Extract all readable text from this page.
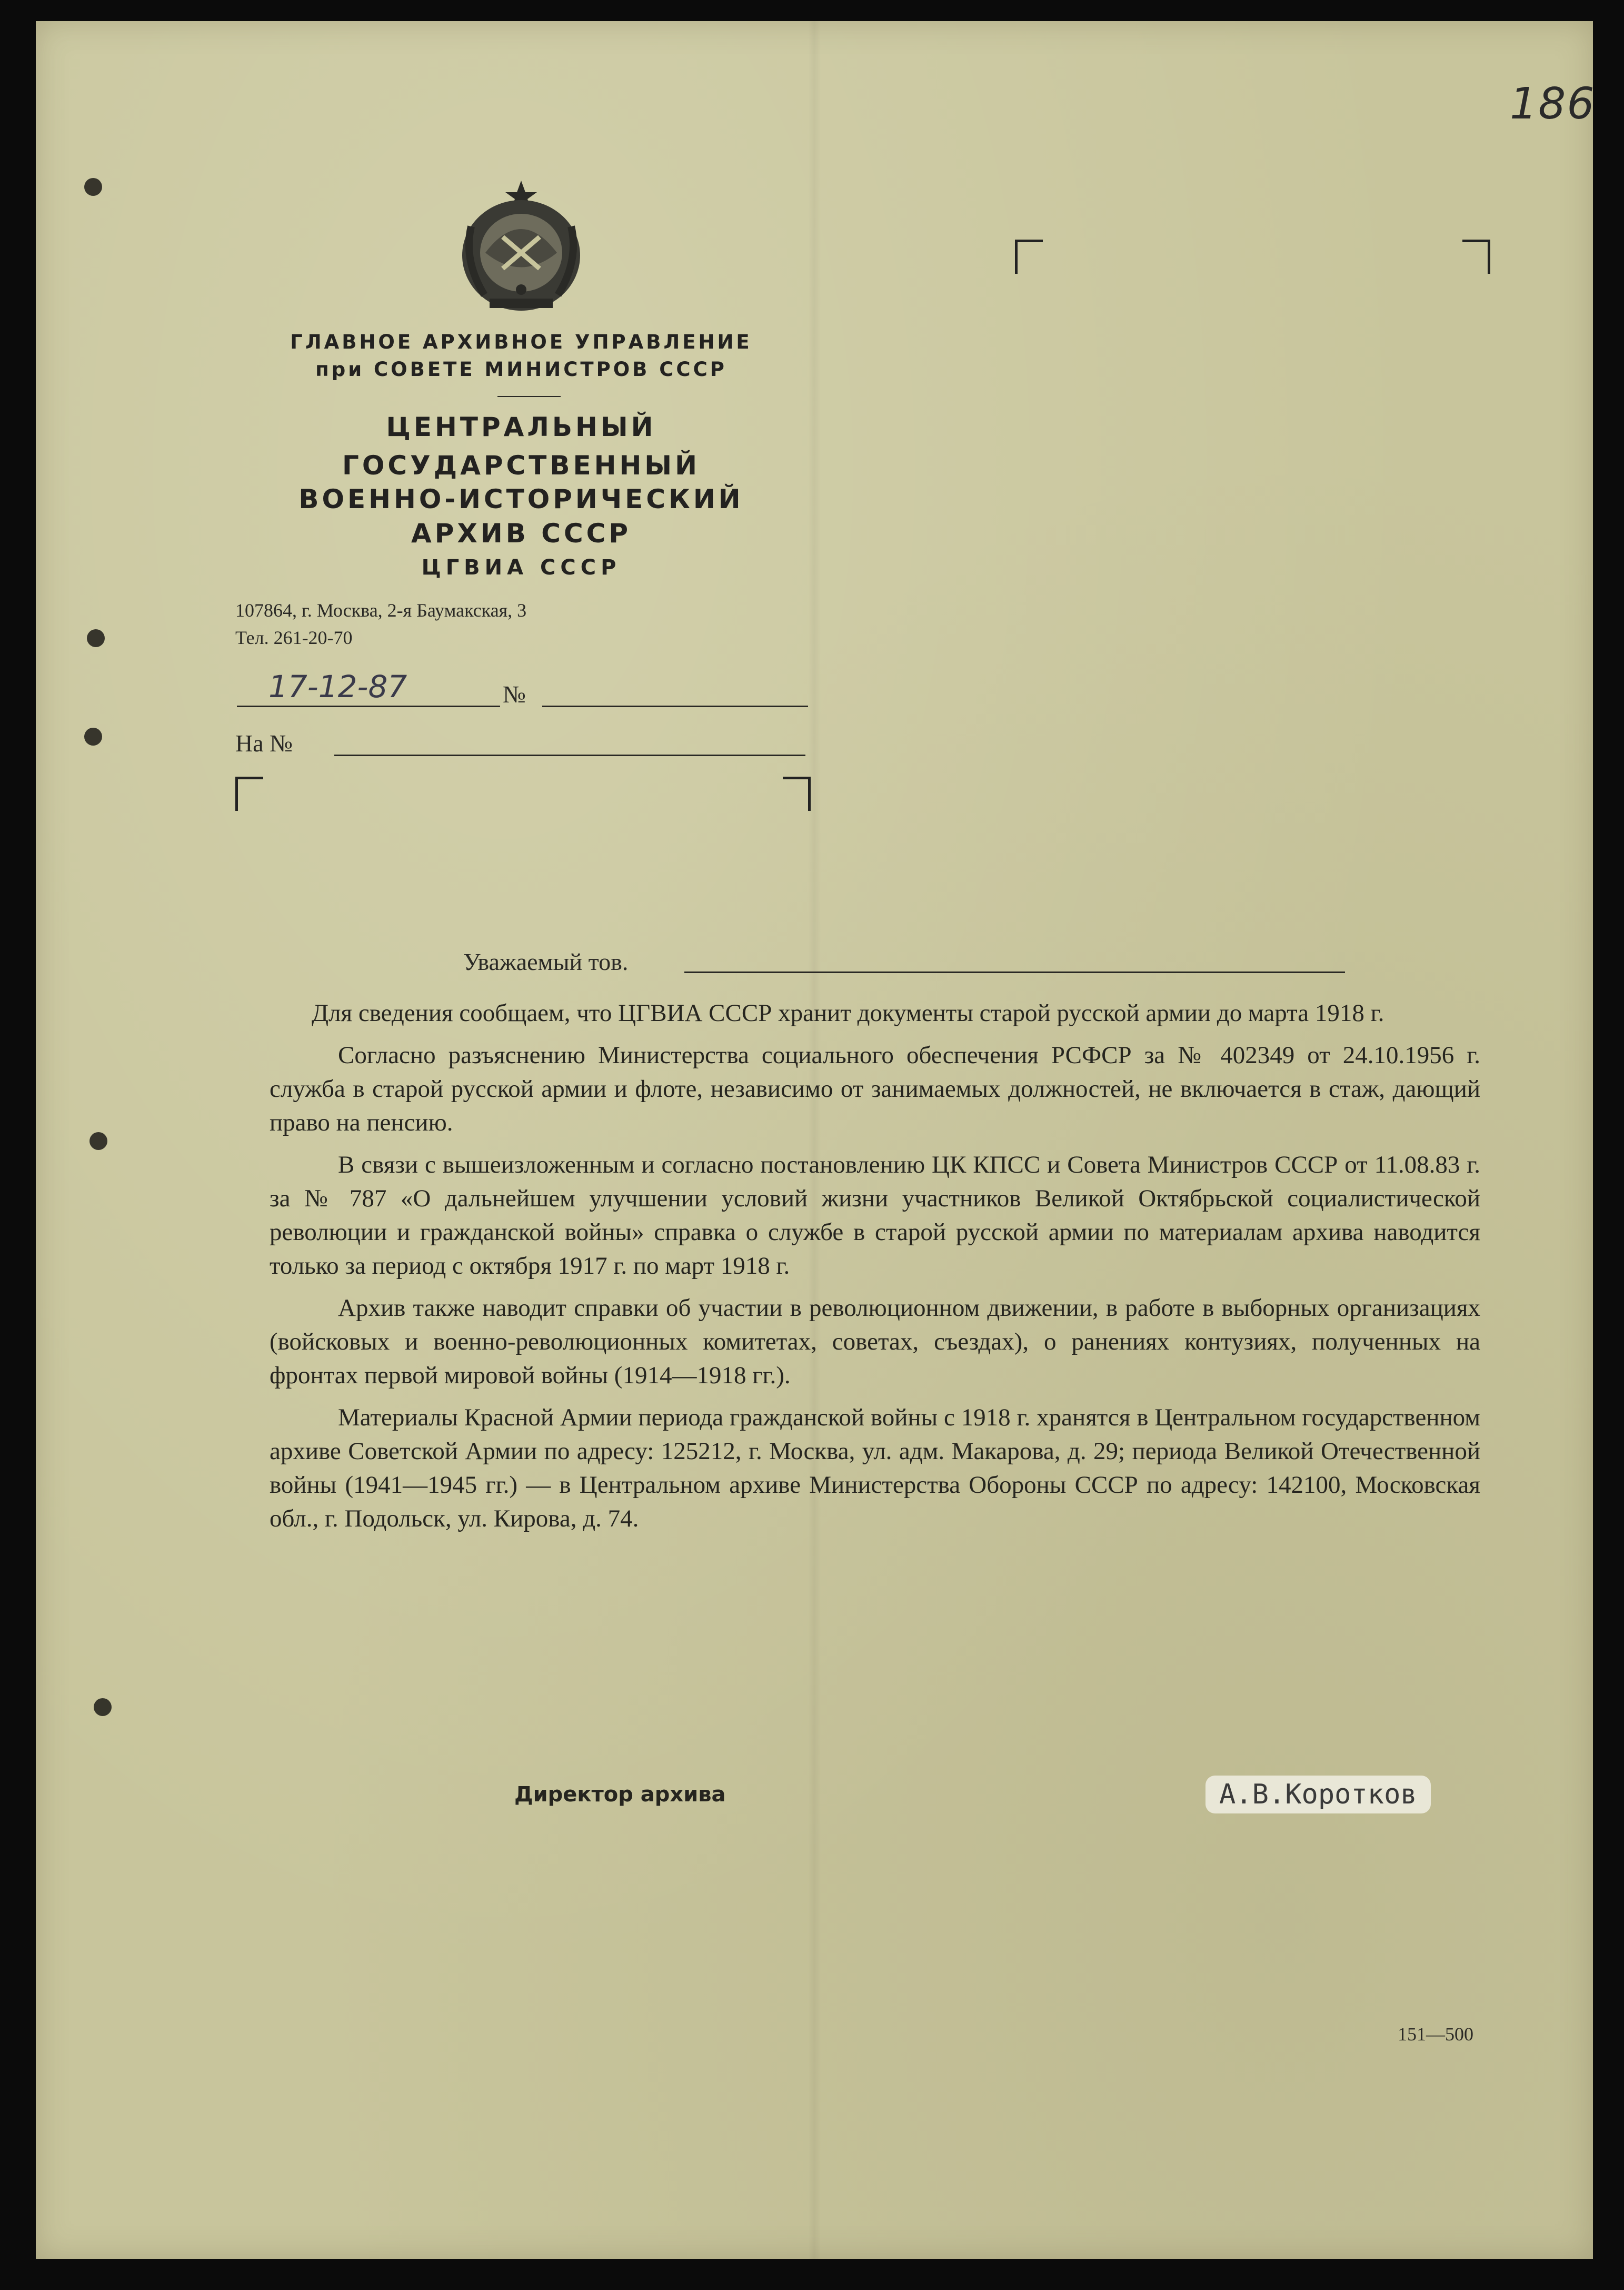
186
ГЛАВНОЕ АРХИВНОЕ УПРАВЛЕНИЕ
при СОВЕТЕ МИНИСТРОВ СССР
ЦЕНТРАЛЬНЫЙ
ГОСУДАРСТВЕННЫЙ
ВОЕННО-ИСТОРИЧЕСКИЙ
АРХИВ СССР
ЦГВИА СССР
107864, г. Москва, 2-я Баумакская, 3
Тел. 261-20-70
17-12-87	№
На №
Уважаемый тов.

Для сведения сообщаем, что ЦГВИА СССР хранит документы старой русской армии до марта 1918 г.

Согласно разъяснению Министерства социального обеспечения РСФСР за № 402349 от 24.10.1956 г. служба в старой русской армии и флоте, независимо от занимаемых должностей, не включается в стаж, дающий право на пенсию.

В связи с вышеизложенным и согласно постановлению ЦК КПСС и Совета Министров СССР от 11.08.83 г. за № 787 «О дальнейшем улучшении условий жизни участников Великой Октябрьской социалистической революции и гражданской войны» справка о службе в старой русской армии по материалам архива наводится только за период с октября 1917 г. по март 1918 г.

Архив также наводит справки об участии в революционном движении, в работе в выборных организациях (войсковых и военно-революционных комитетах, советах, съездах), о ранениях контузиях, полученных на фронтах первой мировой войны (1914—1918 гг.).

Материалы Красной Армии периода гражданской войны с 1918 г. хранятся в Центральном государственном архиве Советской Армии по адресу: 125212, г. Москва, ул. адм. Макарова, д. 29; периода Великой Отечественной войны (1941—1945 гг.) — в Центральном архиве Министерства Обороны СССР по адресу: 142100, Московская обл., г. Подольск, ул. Кирова, д. 74.

Директор архива	А.В.Коротков
151—500
